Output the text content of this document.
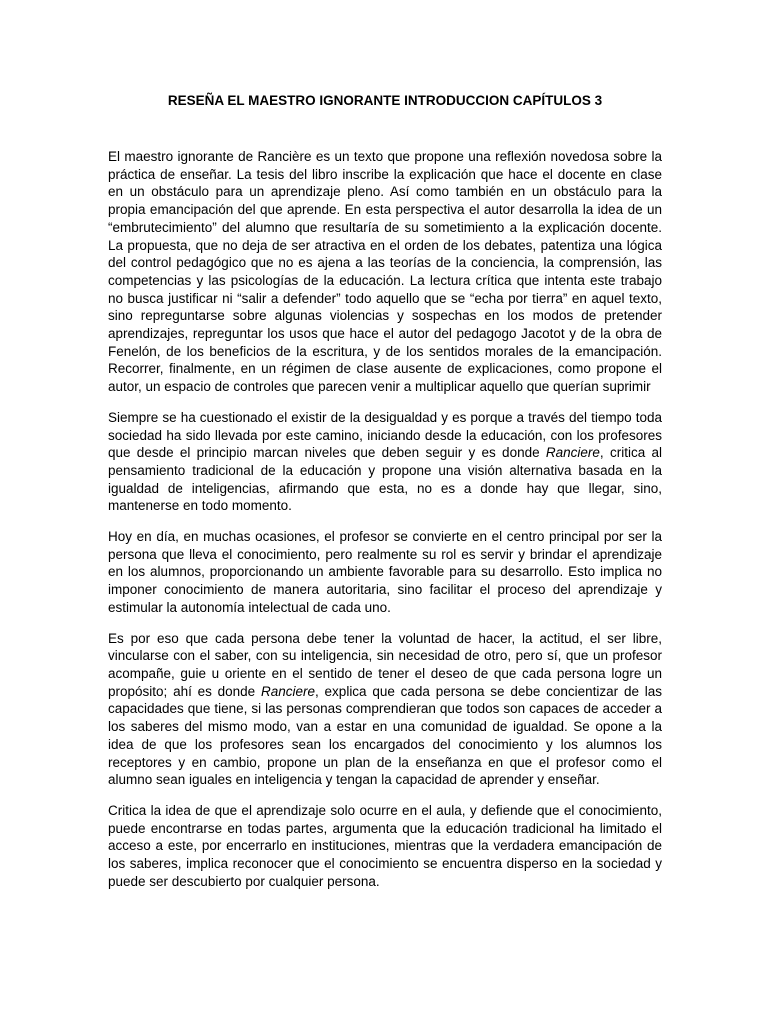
RESEÑA EL MAESTRO IGNORANTE INTRODUCCION CAPÍTULOS 3

El maestro ignorante de Rancière es un texto que propone una reflexión novedosa sobre la práctica de enseñar. La tesis del libro inscribe la explicación que hace el docente en clase en un obstáculo para un aprendizaje pleno. Así como también en un obstáculo para la propia emancipación del que aprende. En esta perspectiva el autor desarrolla la idea de un “embrutecimiento” del alumno que resultaría de su sometimiento a la explicación docente. La propuesta, que no deja de ser atractiva en el orden de los debates, patentiza una lógica del control pedagógico que no es ajena a las teorías de la conciencia, la comprensión, las competencias y las psicologías de la educación. La lectura crítica que intenta este trabajo no busca justificar ni “salir a defender” todo aquello que se “echa por tierra” en aquel texto, sino repreguntarse sobre algunas violencias y sospechas en los modos de pretender aprendizajes, repreguntar los usos que hace el autor del pedagogo Jacotot y de la obra de Fenelón, de los beneficios de la escritura, y de los sentidos morales de la emancipación. Recorrer, finalmente, en un régimen de clase ausente de explicaciones, como propone el autor, un espacio de controles que parecen venir a multiplicar aquello que querían suprimir

Siempre se ha cuestionado el existir de la desigualdad y es porque a través del tiempo toda sociedad ha sido llevada por este camino, iniciando desde la educación, con los profesores que desde el principio marcan niveles que deben seguir y es donde Ranciere, critica al pensamiento tradicional de la educación y propone una visión alternativa basada en la igualdad de inteligencias, afirmando que esta, no es a donde hay que llegar, sino, mantenerse en todo momento.

Hoy en día, en muchas ocasiones, el profesor se convierte en el centro principal por ser la persona que lleva el conocimiento, pero realmente su rol es servir y brindar el aprendizaje en los alumnos, proporcionando un ambiente favorable para su desarrollo. Esto implica no imponer conocimiento de manera autoritaria, sino facilitar el proceso del aprendizaje y estimular la autonomía intelectual de cada uno.

Es por eso que cada persona debe tener la voluntad de hacer, la actitud, el ser libre, vincularse con el saber, con su inteligencia, sin necesidad de otro, pero sí, que un profesor acompañe, guie u oriente en el sentido de tener el deseo de que cada persona logre un propósito; ahí es donde Ranciere, explica que cada persona se debe concientizar de las capacidades que tiene, si las personas comprendieran que todos son capaces de acceder a los saberes del mismo modo, van a estar en una comunidad de igualdad. Se opone a la idea de que los profesores sean los encargados del conocimiento y los alumnos los receptores y en cambio, propone un plan de la enseñanza en que el profesor como el alumno sean iguales en inteligencia y tengan la capacidad de aprender y enseñar.

Critica la idea de que el aprendizaje solo ocurre en el aula, y defiende que el conocimiento, puede encontrarse en todas partes, argumenta que la educación tradicional ha limitado el acceso a este, por encerrarlo en instituciones, mientras que la verdadera emancipación de los saberes, implica reconocer que el conocimiento se encuentra disperso en la sociedad y puede ser descubierto por cualquier persona.
